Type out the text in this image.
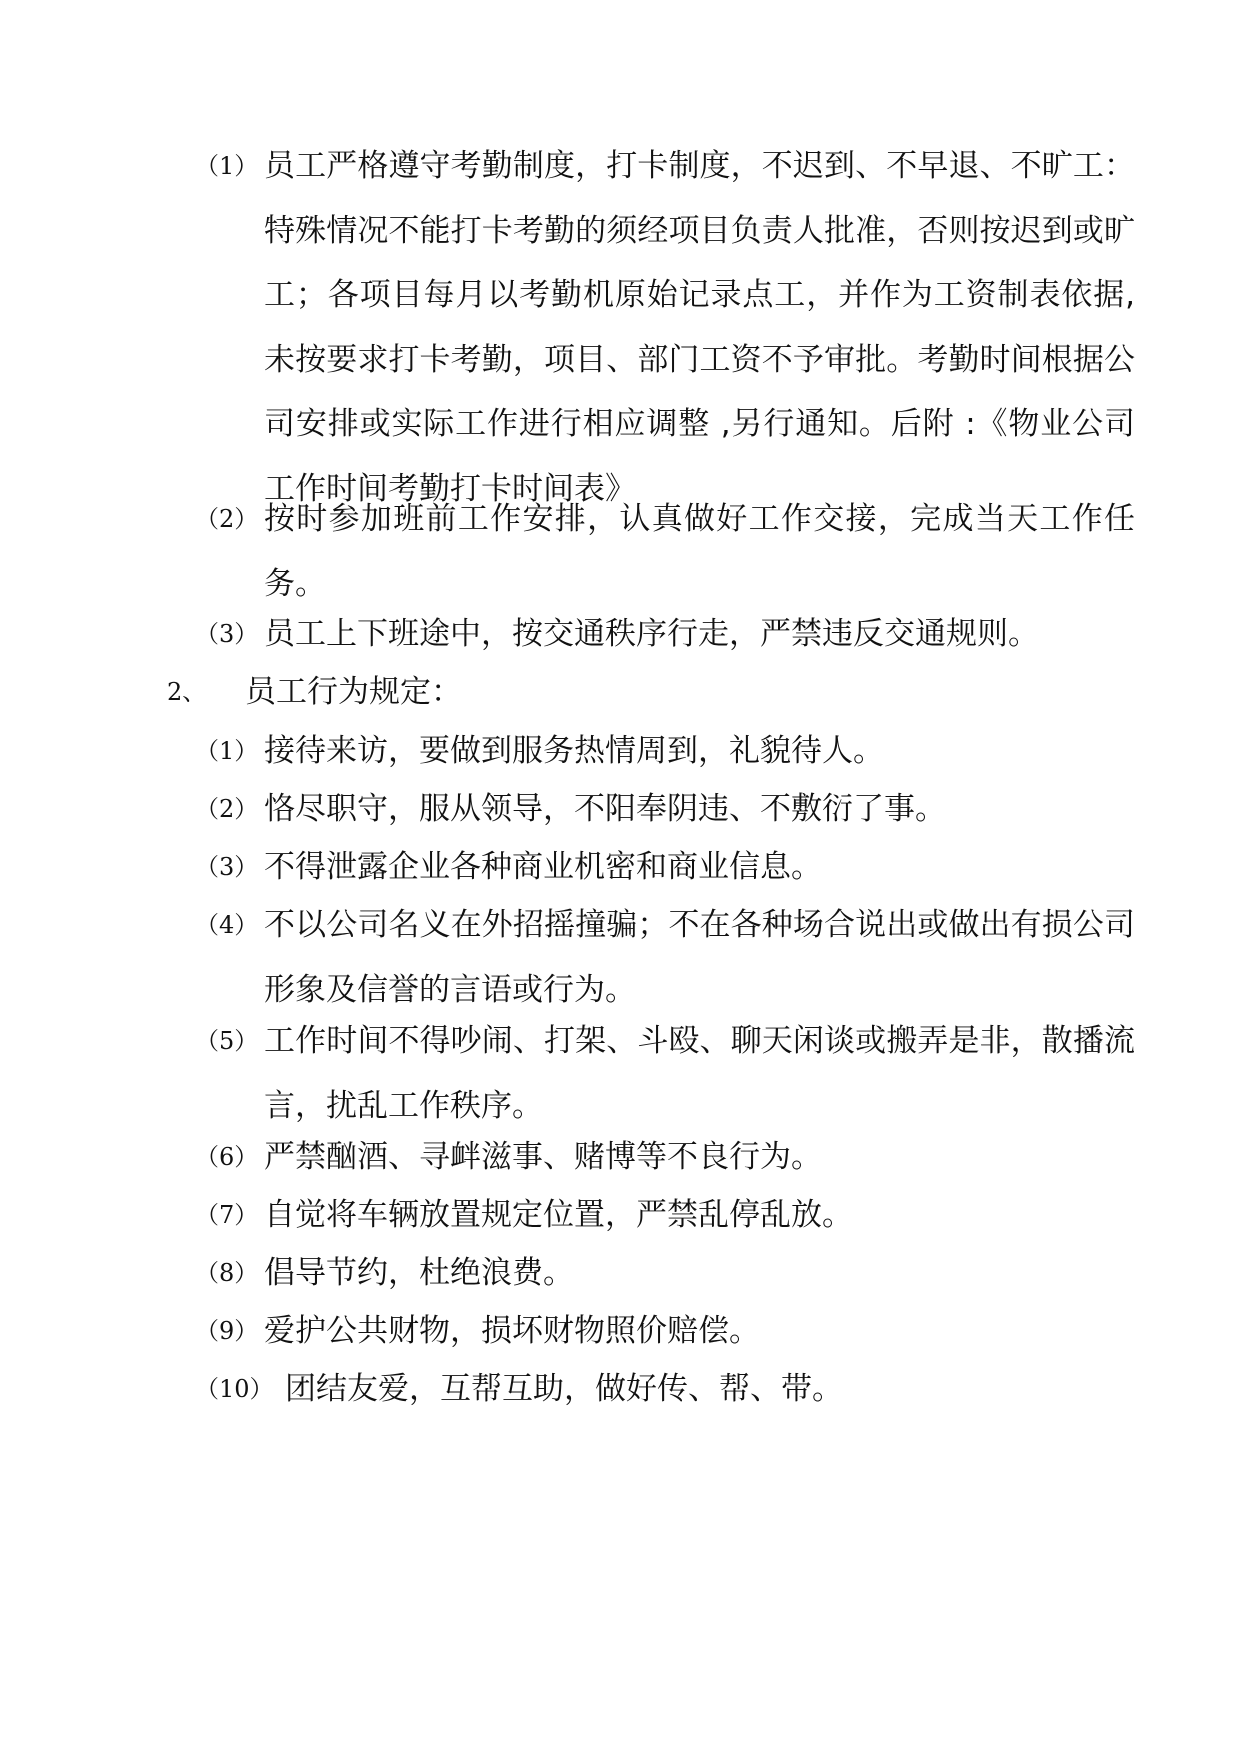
（1） 员工严格遵守考勤制度，打卡制度，不迟到、不早退、不旷工：特殊情况不能打卡考勤的须经项目负责人批准，否则按迟到或旷工；各项目每月以考勤机原始记录点工，并作为工资制表依据,未按要求打卡考勤，项目、部门工资不予审批。考勤时间根据公司安排或实际工作进行相应调整 ,另行通知。后附 :《物业公司工作时间考勤打卡时间表》
（2） 按时参加班前工作安排，认真做好工作交接，完成当天工作任务。
（3） 员工上下班途中，按交通秩序行走，严禁违反交通规则。
2、	员工行为规定：
（1） 接待来访，要做到服务热情周到，礼貌待人。
（2） 恪尽职守，服从领导，不阳奉阴违、不敷衍了事。
（3） 不得泄露企业各种商业机密和商业信息。
（4） 不以公司名义在外招摇撞骗；不在各种场合说出或做出有损公司形象及信誉的言语或行为。
（5） 工作时间不得吵闹、打架、斗殴、聊天闲谈或搬弄是非，散播流言，扰乱工作秩序。
（6） 严禁酗酒、寻衅滋事、赌博等不良行为。
（7） 自觉将车辆放置规定位置，严禁乱停乱放。
（8） 倡导节约，杜绝浪费。
（9） 爱护公共财物，损坏财物照价赔偿。
（10） 团结友爱，互帮互助，做好传、帮、带。
